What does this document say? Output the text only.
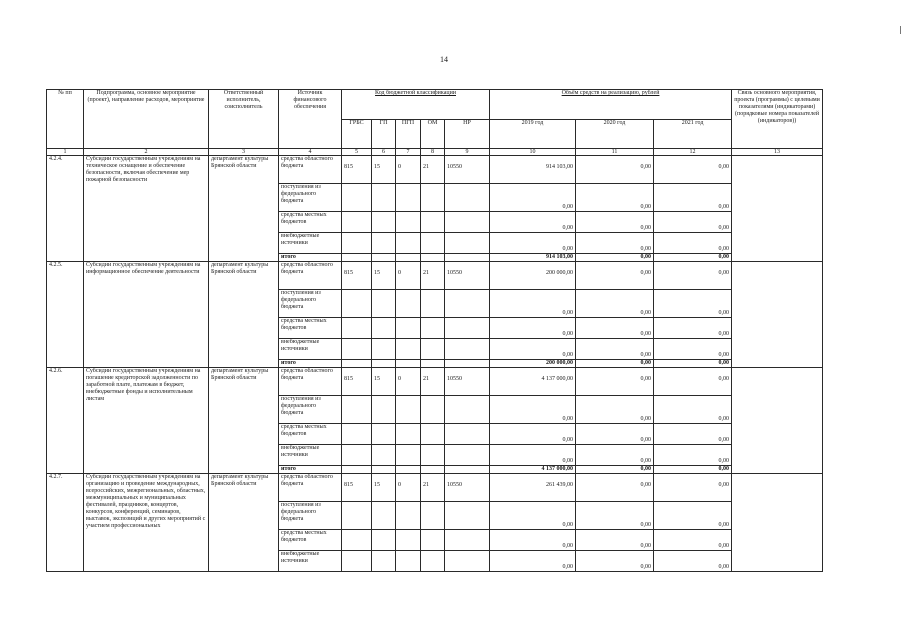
14
№ пп	Подпрограмма, основное мероприятие (проект), направление расходов, мероприятие	Ответственный исполнитель, соисполнитель	Источник финансового обеспечения	Код бюджетной классификации					Объём средств на реализацию, рублей			Связь основного мероприятия, проекта (программы) с целевыми показателями (индикаторами) (порядковые номера показателей (индикаторов))
				ГРБС	ГП	ПГП	ОМ	НР	2019 год	2020 год	2021 год	
1	2	3	4	5	6	7	8	9	10	11	12	13
4.2.4.	Субсидии государственным учреждениям на техническое оснащение и обеспечение безопасности, включая обеспечение мер пожарной безопасности	департамент культуры Брянской области	средства областного бюджета	815	15	0	21	10550	914 103,00	0,00	0,00	
			поступления из федерального бюджета						0,00	0,00	0,00	
			средства местных бюджетов						0,00	0,00	0,00	
			внебюджетные источники						0,00	0,00	0,00	
			итого						914 103,00	0,00	0,00	
4.2.5.	Субсидии государственным учреждениям на информационное обеспечение деятельности	департамент культуры Брянской области	средства областного бюджета	815	15	0	21	10550	200 000,00	0,00	0,00	
			поступления из федерального бюджета						0,00	0,00	0,00	
			средства местных бюджетов						0,00	0,00	0,00	
			внебюджетные источники						0,00	0,00	0,00	
			итого						200 000,00	0,00	0,00	
4.2.6.	Субсидии государственным учреждениям на погашение кредиторской задолженности по заработной плате, платежам в бюджет, внебюджетные фонды и исполнительным листам	департамент культуры Брянской области	средства областного бюджета	815	15	0	21	10550	4 137 000,00	0,00	0,00	
			поступления из федерального бюджета						0,00	0,00	0,00	
			средства местных бюджетов						0,00	0,00	0,00	
			внебюджетные источники						0,00	0,00	0,00	
			итого						4 137 000,00	0,00	0,00	
4.2.7.	Субсидии государственным учреждениям на организацию и проведение международных, всероссийских, межрегиональных, областных, межмуниципальных и муниципальных фестивалей, праздников, концертов, конкурсов, конференций, семинаров, выставок, экспозиций и других мероприятий с участием профессиональных	департамент культуры Брянской области	средства областного бюджета	815	15	0	21	10550	261 439,00	0,00	0,00	
			поступления из федерального бюджета						0,00	0,00	0,00	
			средства местных бюджетов						0,00	0,00	0,00	
			внебюджетные источники						0,00	0,00	0,00	
